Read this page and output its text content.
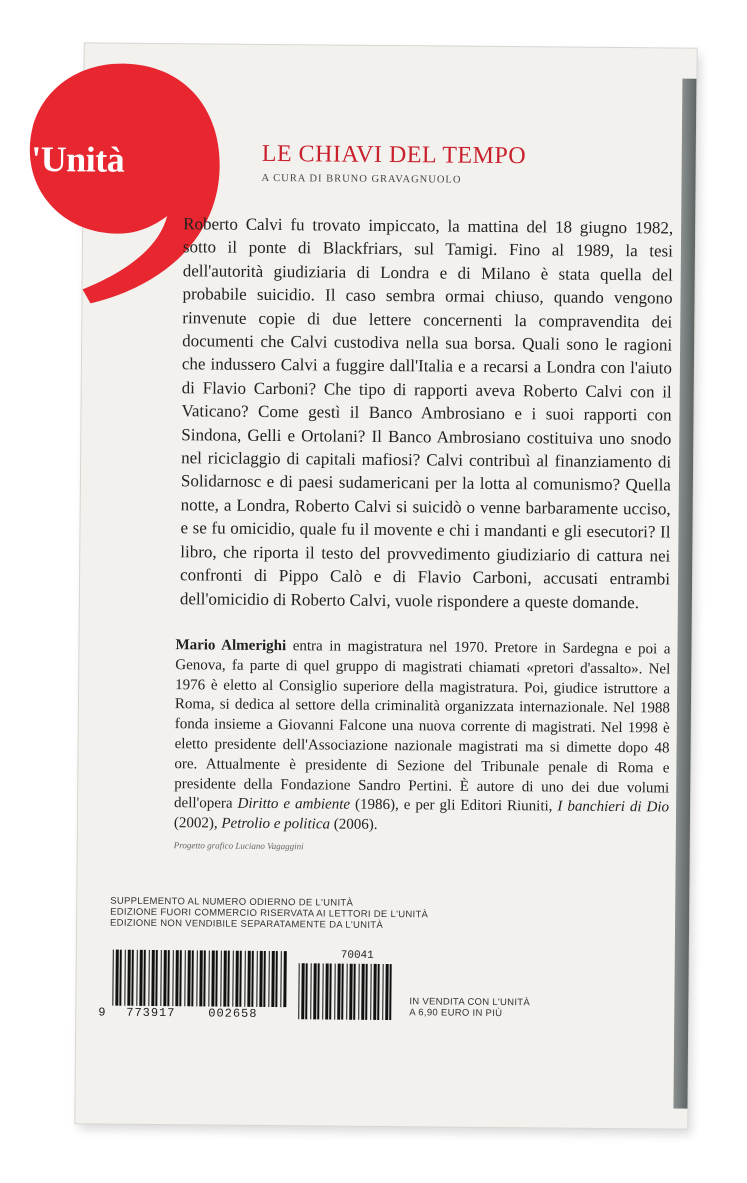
l'Unità	LE CHIAVI DEL TEMPO
A CURA DI BRUNO GRAVAGNUOLO

Roberto Calvi fu trovato impiccato, la mattina del 18 giugno 1982, sotto il ponte di Blackfriars, sul Tamigi. Fino al 1989, la tesi dell'autorità giudiziaria di Londra e di Milano è stata quella del probabile suicidio. Il caso sembra ormai chiuso, quando vengono rinvenute copie di due lettere concernenti la compravendita dei documenti che Calvi custodiva nella sua borsa. Quali sono le ragioni che indussero Calvi a fuggire dall'Italia e a recarsi a Londra con l'aiuto di Flavio Carboni? Che tipo di rapporti aveva Roberto Calvi con il Vaticano? Come gestì il Banco Ambrosiano e i suoi rapporti con Sindona, Gelli e Ortolani? Il Banco Ambrosiano costituiva uno snodo nel riciclaggio di capitali mafiosi? Calvi contribuì al finanziamento di Solidarnosc e di paesi sudamericani per la lotta al comunismo? Quella notte, a Londra, Roberto Calvi si suicidò o venne barbaramente ucciso, e se fu omicidio, quale fu il movente e chi i mandanti e gli esecutori? Il libro, che riporta il testo del provvedimento giudiziario di cattura nei confronti di Pippo Calò e di Flavio Carboni, accusati entrambi dell'omicidio di Roberto Calvi, vuole rispondere a queste domande.

Mario Almerighi entra in magistratura nel 1970. Pretore in Sardegna e poi a Genova, fa parte di quel gruppo di magistrati chiamati «pretori d'assalto». Nel 1976 è eletto al Consiglio superiore della magistratura. Poi, giudice istruttore a Roma, si dedica al settore della criminalità organizzata internazionale. Nel 1988 fonda insieme a Giovanni Falcone una nuova corrente di magistrati. Nel 1998 è eletto presidente dell'Associazione nazionale magistrati ma si dimette dopo 48 ore. Attualmente è presidente di Sezione del Tribunale penale di Roma e presidente della Fondazione Sandro Pertini. È autore di uno dei due volumi dell'opera Diritto e ambiente (1986), e per gli Editori Riuniti, I banchieri di Dio (2002), Petrolio e politica (2006).

Progetto grafico Luciano Vagaggini
SUPPLEMENTO AL NUMERO ODIERNO DE L'UNITÀ
EDIZIONE FUORI COMMERCIO RISERVATA AI LETTORI DE L'UNITÀ
EDIZIONE NON VENDIBILE SEPARATAMENTE DA L'UNITÀ
9 773917	002658
70041
IN VENDITA CON L'UNITÀ
A 6,90 EURO IN PIÙ
